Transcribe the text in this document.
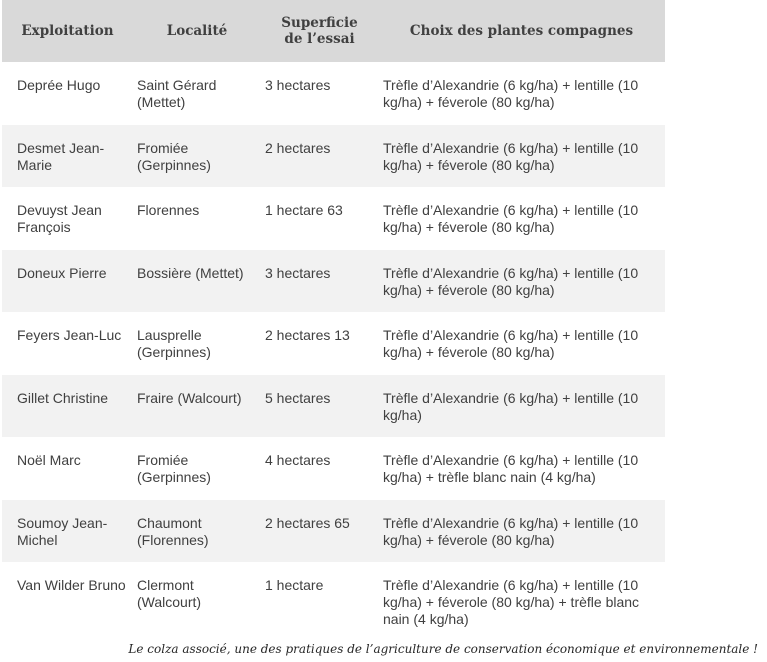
Exploitation	Localité	Superficie de l’essai	Choix des plantes compagnes
Deprée Hugo	Saint Gérard (Mettet)	3 hectares	Trèfle d’Alexandrie (6 kg/ha) + lentille (10 kg/ha) + féverole (80 kg/ha)
Desmet Jean-Marie	Fromiée (Gerpinnes)	2 hectares	Trèfle d’Alexandrie (6 kg/ha) + lentille (10 kg/ha) + féverole (80 kg/ha)
Devuyst Jean François	Florennes	1 hectare 63	Trèfle d’Alexandrie (6 kg/ha) + lentille (10 kg/ha) + féverole (80 kg/ha)
Doneux Pierre	Bossière (Mettet)	3 hectares	Trèfle d’Alexandrie (6 kg/ha) + lentille (10 kg/ha) + féverole (80 kg/ha)
Feyers Jean-Luc	Lausprelle (Gerpinnes)	2 hectares 13	Trèfle d’Alexandrie (6 kg/ha) + lentille (10 kg/ha) + féverole (80 kg/ha)
Gillet Christine	Fraire (Walcourt)	5 hectares	Trèfle d’Alexandrie (6 kg/ha) + lentille (10 kg/ha)
Noël Marc	Fromiée (Gerpinnes)	4 hectares	Trèfle d’Alexandrie (6 kg/ha) + lentille (10 kg/ha) + trèfle blanc nain (4 kg/ha)
Soumoy Jean-Michel	Chaumont (Florennes)	2 hectares 65	Trèfle d’Alexandrie (6 kg/ha) + lentille (10 kg/ha) + féverole (80 kg/ha)
Van Wilder Bruno	Clermont (Walcourt)	1 hectare	Trèfle d’Alexandrie (6 kg/ha) + lentille (10 kg/ha) + féverole (80 kg/ha) + trèfle blanc nain (4 kg/ha)
Le colza associé, une des pratiques de l’agriculture de conservation économique et environnementale !
